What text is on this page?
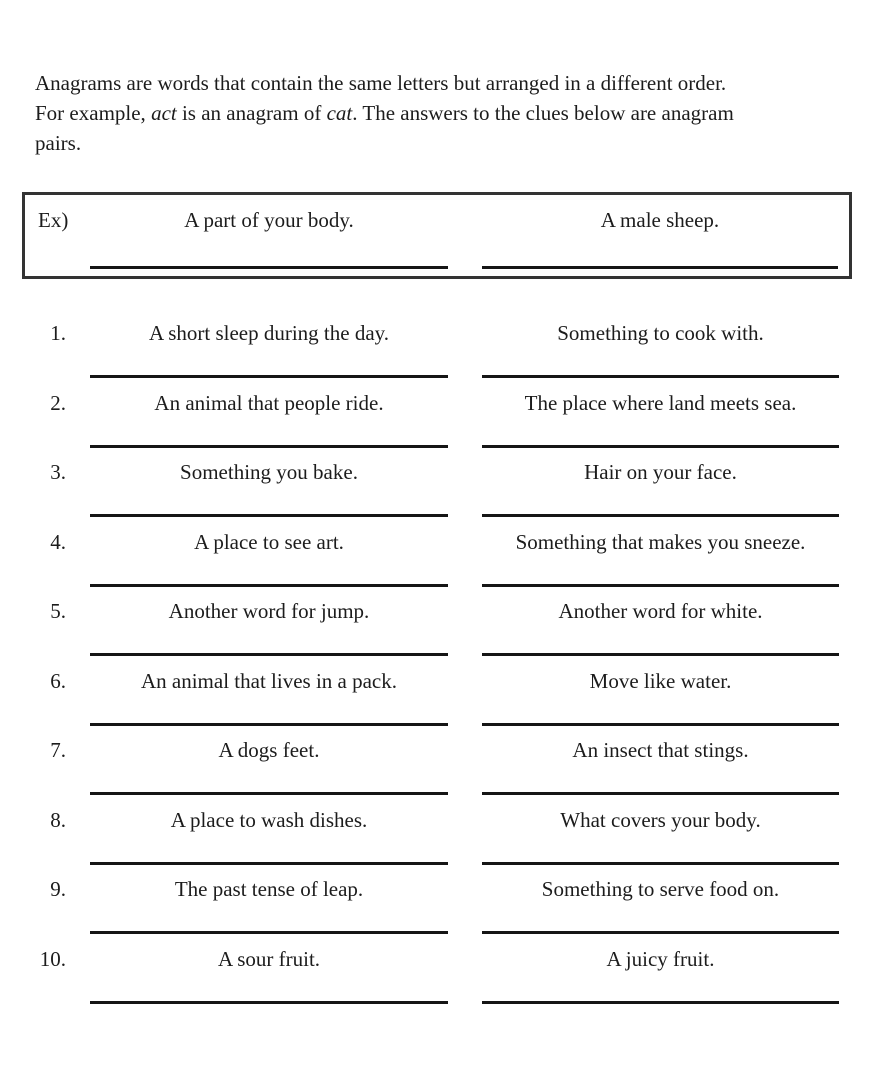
Anagrams are words that contain the same letters but arranged in a different order.
For example, act is an anagram of cat. The answers to the clues below are anagram
pairs.
Ex)	A part of your body.	A male sheep.
1.	A short sleep during the day.	Something to cook with.
2.	An animal that people ride.	The place where land meets sea.
3.	Something you bake.	Hair on your face.
4.	A place to see art.	Something that makes you sneeze.
5.	Another word for jump.	Another word for white.
6.	An animal that lives in a pack.	Move like water.
7.	A dogs feet.	An insect that stings.
8.	A place to wash dishes.	What covers your body.
9.	The past tense of leap.	Something to serve food on.
10.	A sour fruit.	A juicy fruit.
